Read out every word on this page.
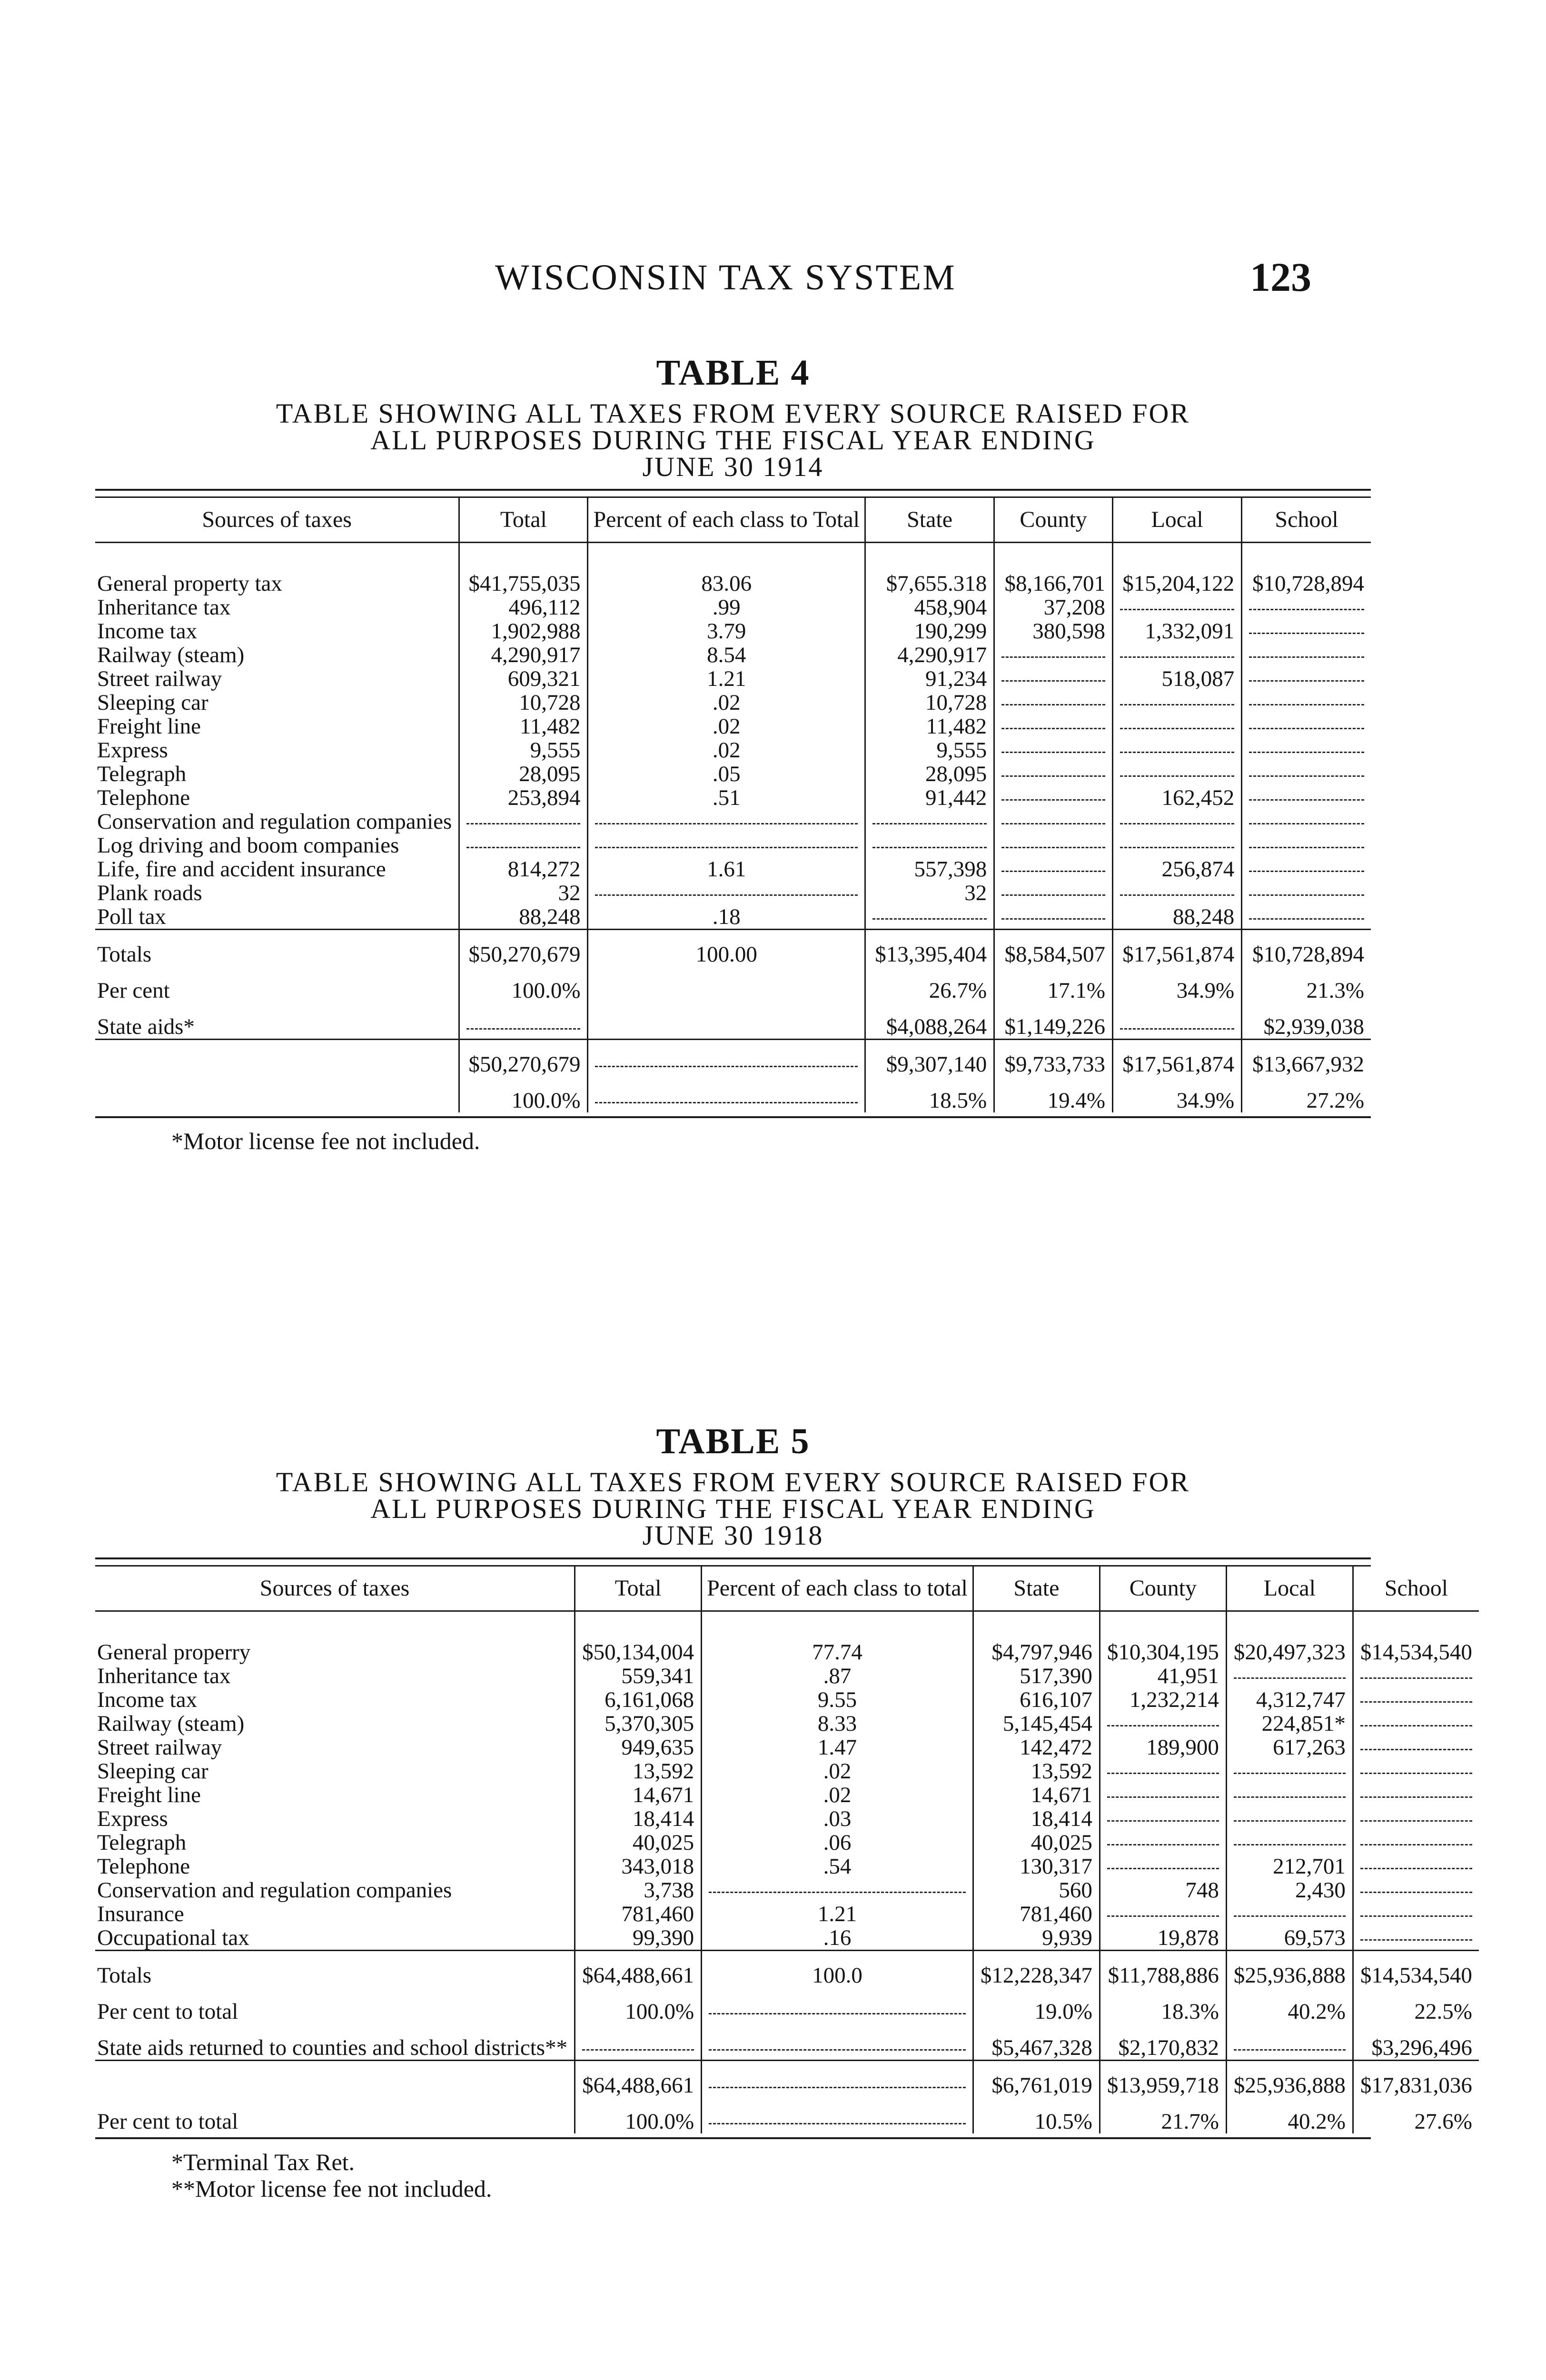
WISCONSIN TAX SYSTEM	123
TABLE 4
TABLE SHOWING ALL TAXES FROM EVERY SOURCE RAISED FOR
ALL PURPOSES DURING THE FISCAL YEAR ENDING
JUNE 30 1914
Sources of taxes	Total	Percent of each class to Total	State	County	Local	School

General property tax	$41,755,035	83.06	$7,655.318	$8,166,701	$15,204,122	$10,728,894
Inheritance tax	496,112	.99	458,904	37,208		
Income tax	1,902,988	3.79	190,299	380,598	1,332,091	
Railway (steam)	4,290,917	8.54	4,290,917			
Street railway	609,321	1.21	91,234		518,087	
Sleeping car	10,728	.02	10,728			
Freight line	11,482	.02	11,482			
Express	9,555	.02	9,555			
Telegraph	28,095	.05	28,095			
Telephone	253,894	.51	91,442		162,452	
Conservation and regulation companies						
Log driving and boom companies						
Life, fire and accident insurance	814,272	1.61	557,398		256,874	
Plank roads	32		32			
Poll tax	88,248	.18			88,248	
Totals	$50,270,679	100.00	$13,395,404	$8,584,507	$17,561,874	$10,728,894
Per cent	100.0%		26.7%	17.1%	34.9%	21.3%
State aids*			$4,088,264	$1,149,226		$2,939,038
	$50,270,679		$9,307,140	$9,733,733	$17,561,874	$13,667,932
	100.0%		18.5%	19.4%	34.9%	27.2%
*Motor license fee not included.
TABLE 5
TABLE SHOWING ALL TAXES FROM EVERY SOURCE RAISED FOR
ALL PURPOSES DURING THE FISCAL YEAR ENDING
JUNE 30 1918
Sources of taxes	Total	Percent of each class to total	State	County	Local	School

General properry	$50,134,004	77.74	$4,797,946	$10,304,195	$20,497,323	$14,534,540
Inheritance tax	559,341	.87	517,390	41,951		
Income tax	6,161,068	9.55	616,107	1,232,214	4,312,747	
Railway (steam)	5,370,305	8.33	5,145,454		224,851*	
Street railway	949,635	1.47	142,472	189,900	617,263	
Sleeping car	13,592	.02	13,592			
Freight line	14,671	.02	14,671			
Express	18,414	.03	18,414			
Telegraph	40,025	.06	40,025			
Telephone	343,018	.54	130,317		212,701	
Conservation and regulation companies	3,738		560	748	2,430	
Insurance	781,460	1.21	781,460			
Occupational tax	99,390	.16	9,939	19,878	69,573	
Totals	$64,488,661	100.0	$12,228,347	$11,788,886	$25,936,888	$14,534,540
Per cent to total	100.0%		19.0%	18.3%	40.2%	22.5%
State aids returned to counties and school districts**			$5,467,328	$2,170,832		$3,296,496
	$64,488,661		$6,761,019	$13,959,718	$25,936,888	$17,831,036
Per cent to total	100.0%		10.5%	21.7%	40.2%	27.6%
*Terminal Tax Ret.
**Motor license fee not included.
